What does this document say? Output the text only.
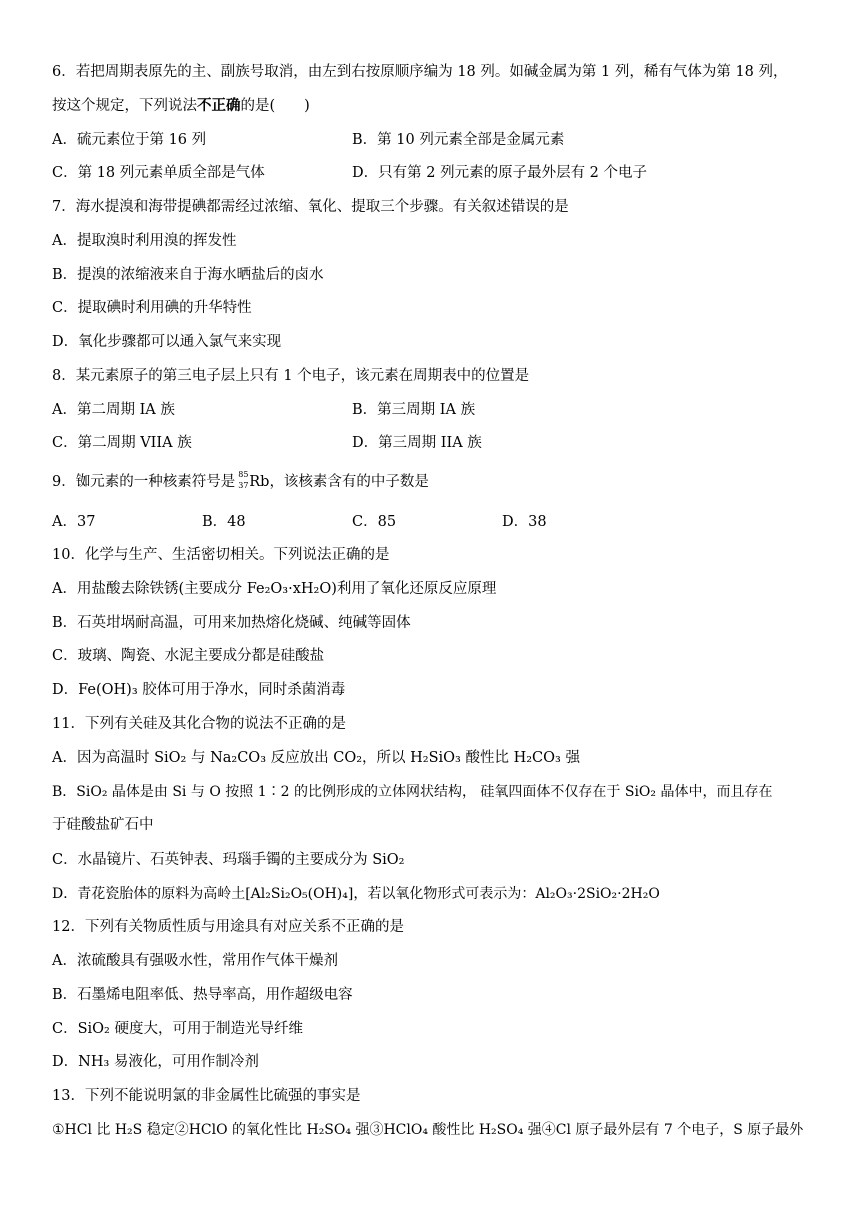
6．若把周期表原先的主、副族号取消，由左到右按原顺序编为 18 列。如碱金属为第 1 列，稀有气体为第 18 列，
按这个规定，下列说法不正确的是(　　)
A．硫元素位于第 16 列	B．第 10 列元素全部是金属元素
C．第 18 列元素单质全部是气体	D．只有第 2 列元素的原子最外层有 2 个电子
7．海水提溴和海带提碘都需经过浓缩、氧化、提取三个步骤。有关叙述错误的是
A．提取溴时利用溴的挥发性
B．提溴的浓缩液来自于海水晒盐后的卤水
C．提取碘时利用碘的升华特性
D．氧化步骤都可以通入氯气来实现
8．某元素原子的第三电子层上只有 1 个电子，该元素在周期表中的位置是
A．第二周期 IA 族	B．第三周期 IA 族
C．第二周期 VIIA 族	D．第三周期 IIA 族
9．铷元素的一种核素符号是 85
37 Rb，该核素含有的中子数是
A．37	B．48	C．85	D．38
10．化学与生产、生活密切相关。下列说法正确的是
A．用盐酸去除铁锈(主要成分 Fe₂O₃·xH₂O)利用了氧化还原反应原理
B．石英坩埚耐高温，可用来加热熔化烧碱、纯碱等固体
C．玻璃、陶瓷、水泥主要成分都是硅酸盐
D．Fe(OH)₃ 胶体可用于净水，同时杀菌消毒
11．下列有关硅及其化合物的说法不正确的是
A．因为高温时 SiO₂ 与 Na₂CO₃ 反应放出 CO₂，所以 H₂SiO₃ 酸性比 H₂CO₃ 强
B．SiO₂ 晶体是由 Si 与 O 按照 1∶2 的比例形成的立体网状结构， 硅氧四面体不仅存在于 SiO₂ 晶体中，而且存在
于硅酸盐矿石中
C．水晶镜片、石英钟表、玛瑙手镯的主要成分为 SiO₂
D．青花瓷胎体的原料为高岭土[Al₂Si₂O₅(OH)₄]，若以氧化物形式可表示为：Al₂O₃·2SiO₂·2H₂O
12．下列有关物质性质与用途具有对应关系不正确的是
A．浓硫酸具有强吸水性，常用作气体干燥剂
B．石墨烯电阻率低、热导率高，用作超级电容
C．SiO₂ 硬度大，可用于制造光导纤维
D．NH₃ 易液化，可用作制冷剂
13．下列不能说明氯的非金属性比硫强的事实是
①HCl 比 H₂S 稳定②HClO 的氧化性比 H₂SO₄ 强③HClO₄ 酸性比 H₂SO₄ 强④Cl 原子最外层有 7 个电子，S 原子最外
